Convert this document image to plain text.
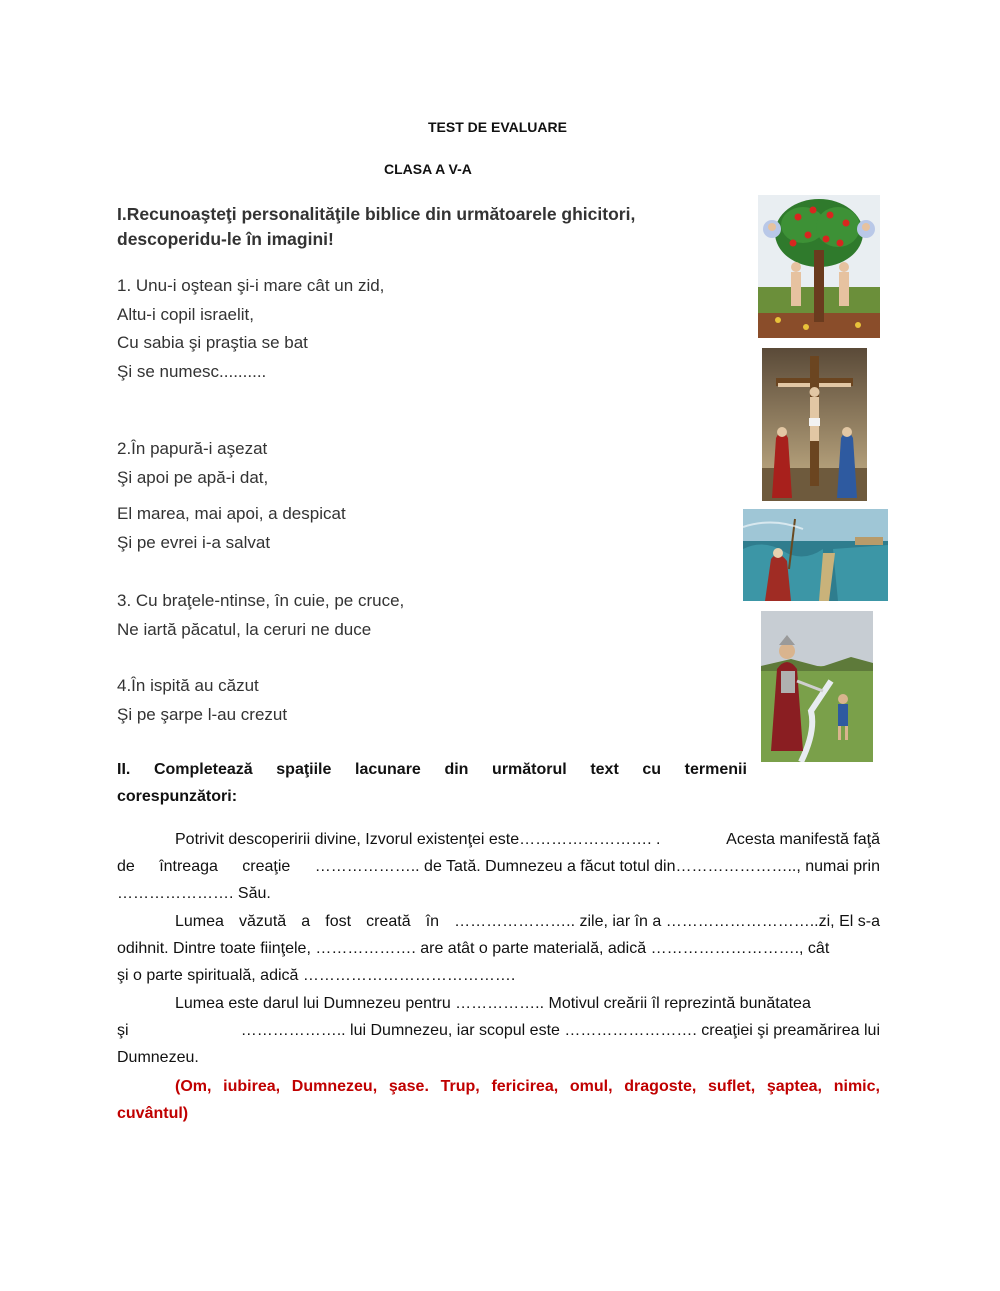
TEST DE EVALUARE
CLASA A V-A
I.Recunoaşteţi personalităţile biblice din următoarele ghicitori,
descoperidu-le în imagini!
1. Unu-i oştean şi-i mare cât un zid,
Altu-i copil israelit,
Cu sabia şi praştia se bat
Şi se numesc..........
2.În papură-i aşezat
Şi apoi pe apă-i dat,
El marea, mai apoi, a despicat
Şi pe evrei i-a salvat
3. Cu braţele-ntinse, în cuie, pe cruce,
Ne iartă păcatul, la ceruri ne duce
4.În ispită au căzut
Şi pe şarpe l-au crezut
II. Completează spaţiile lacunare din următorul text cu termenii
corespunzători:
Potrivit descoperirii divine, Izvorul existenţei este……………………. .	Acesta manifestă faţă
de întreaga creaţie ……………….. de Tată. Dumnezeu a făcut totul din………………….., numai prin
…………………. Său.
Lumea văzută a fost creată în ………………….. zile, iar în a ………………………..zi, El s-a
odihnit. Dintre toate fiinţele, ………………. are atât o parte materială, adică ………………………., cât
şi o parte spirituală, adică ………………………………….
Lumea este darul lui Dumnezeu pentru …………….. Motivul creării îl reprezintă bunătatea
şi	……………….. lui Dumnezeu, iar scopul este ……………………. creaţiei şi preamărirea lui
Dumnezeu.
(Om, iubirea, Dumnezeu, şase. Trup, fericirea, omul, dragoste, suflet, şaptea, nimic,
cuvântul)
